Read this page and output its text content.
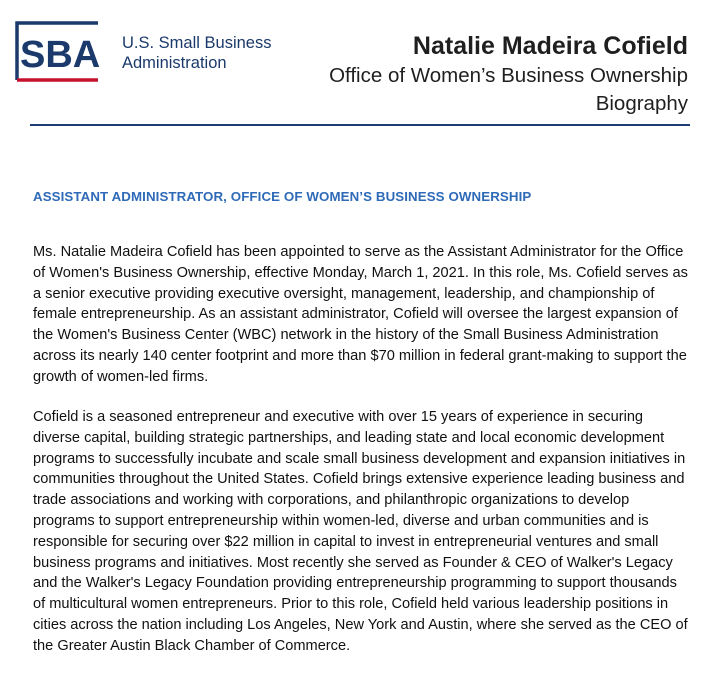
SBA U.S. Small Business
Administration
Natalie Madeira Cofield
Office of Women’s Business Ownership
Biography
ASSISTANT ADMINISTRATOR, OFFICE OF WOMEN’S BUSINESS OWNERSHIP
Ms. Natalie Madeira Cofield has been appointed to serve as the Assistant Administrator for the Office of Women's Business Ownership, effective Monday, March 1, 2021. In this role, Ms. Cofield serves as a senior executive providing executive oversight, management, leadership, and championship of female entrepreneurship. As an assistant administrator, Cofield will oversee the largest expansion of the Women's Business Center (WBC) network in the history of the Small Business Administration across its nearly 140 center footprint and more than $70 million in federal grant-making to support the growth of women-led firms.
Cofield is a seasoned entrepreneur and executive with over 15 years of experience in securing diverse capital, building strategic partnerships, and leading state and local economic development programs to successfully incubate and scale small business development and expansion initiatives in communities throughout the United States. Cofield brings extensive experience leading business and trade associations and working with corporations, and philanthropic organizations to develop programs to support entrepreneurship within women-led, diverse and urban communities and is responsible for securing over $22 million in capital to invest in entrepreneurial ventures and small business programs and initiatives. Most recently she served as Founder & CEO of Walker's Legacy and the Walker's Legacy Foundation providing entrepreneurship programming to support thousands of multicultural women entrepreneurs. Prior to this role, Cofield held various leadership positions in cities across the nation including Los Angeles, New York and Austin, where she served as the CEO of the Greater Austin Black Chamber of Commerce.
